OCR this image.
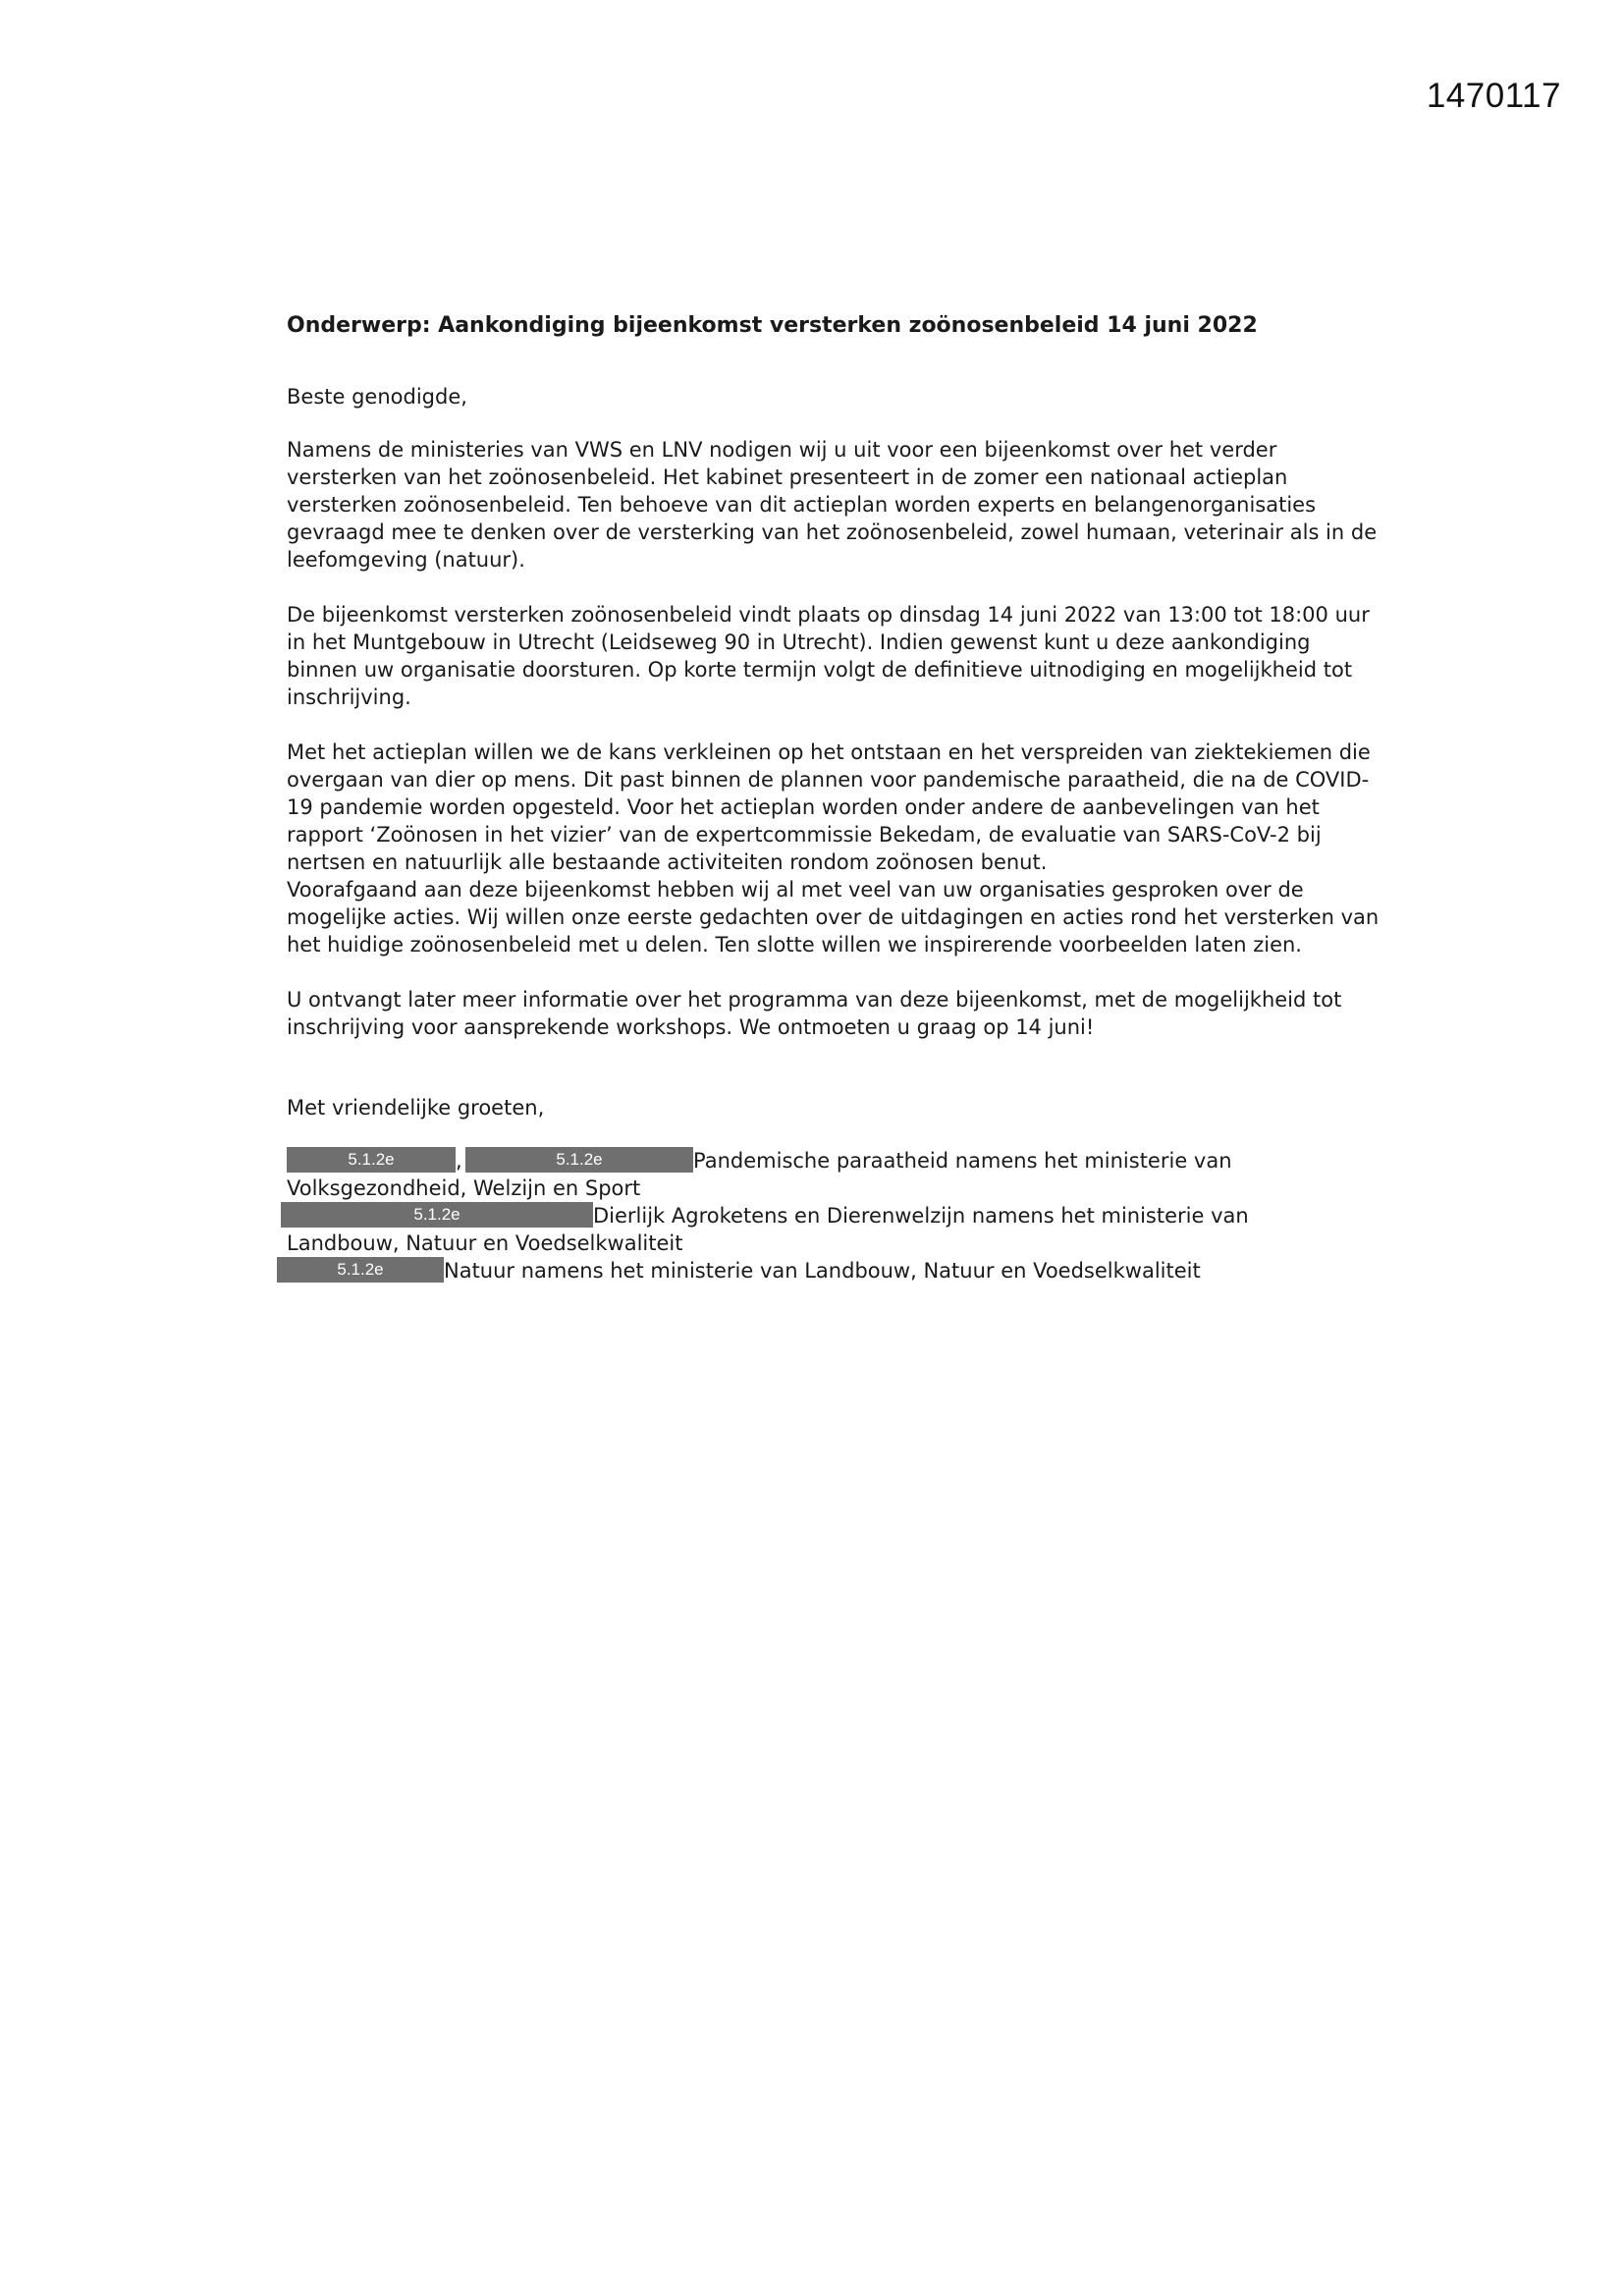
1470117
Onderwerp: Aankondiging bijeenkomst versterken zoönosenbeleid 14 juni 2022
Beste genodigde,
Namens de ministeries van VWS en LNV nodigen wij u uit voor een bijeenkomst over het verder versterken van het zoönosenbeleid. Het kabinet presenteert in de zomer een nationaal actieplan versterken zoönosenbeleid. Ten behoeve van dit actieplan worden experts en belangenorganisaties gevraagd mee te denken over de versterking van het zoönosenbeleid, zowel humaan, veterinair als in de leefomgeving (natuur).
De bijeenkomst versterken zoönosenbeleid vindt plaats op dinsdag 14 juni 2022 van 13:00 tot 18:00 uur in het Muntgebouw in Utrecht (Leidseweg 90 in Utrecht). Indien gewenst kunt u deze aankondiging binnen uw organisatie doorsturen. Op korte termijn volgt de definitieve uitnodiging en mogelijkheid tot inschrijving.
Met het actieplan willen we de kans verkleinen op het ontstaan en het verspreiden van ziektekiemen die overgaan van dier op mens. Dit past binnen de plannen voor pandemische paraatheid, die na de COVID-19 pandemie worden opgesteld. Voor het actieplan worden onder andere de aanbevelingen van het rapport ‘Zoönosen in het vizier’ van de expertcommissie Bekedam, de evaluatie van SARS-CoV-2 bij nertsen en natuurlijk alle bestaande activiteiten rondom zoönosen benut.
Voorafgaand aan deze bijeenkomst hebben wij al met veel van uw organisaties gesproken over de mogelijke acties. Wij willen onze eerste gedachten over de uitdagingen en acties rond het versterken van het huidige zoönosenbeleid met u delen. Ten slotte willen we inspirerende voorbeelden laten zien.
U ontvangt later meer informatie over het programma van deze bijeenkomst, met de mogelijkheid tot inschrijving voor aansprekende workshops. We ontmoeten u graag op 14 juni!
Met vriendelijke groeten,
5.1.2e	,	5.1.2e	Pandemische paraatheid namens het ministerie van
Volksgezondheid, Welzijn en Sport
5.1.2e	Dierlijk Agroketens en Dierenwelzijn namens het ministerie van
Landbouw, Natuur en Voedselkwaliteit
5.1.2e	Natuur namens het ministerie van Landbouw, Natuur en Voedselkwaliteit
